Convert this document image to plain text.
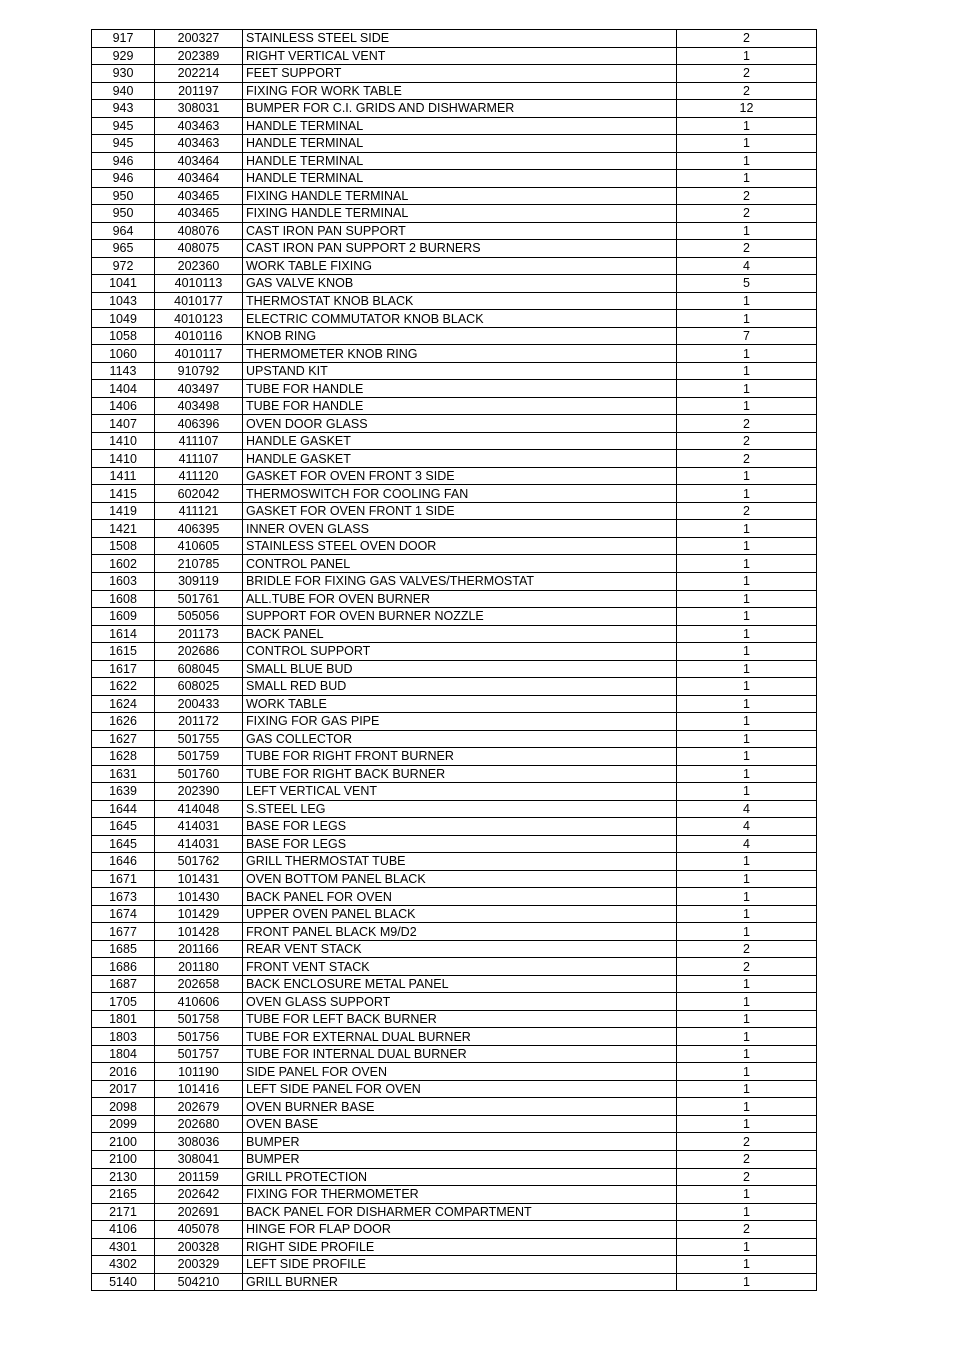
917	200327	STAINLESS STEEL SIDE	2
929	202389	RIGHT VERTICAL VENT	1
930	202214	FEET SUPPORT	2
940	201197	FIXING FOR WORK TABLE	2
943	308031	BUMPER FOR C.I. GRIDS AND DISHWARMER	12
945	403463	HANDLE TERMINAL	1
945	403463	HANDLE TERMINAL	1
946	403464	HANDLE TERMINAL	1
946	403464	HANDLE TERMINAL	1
950	403465	FIXING HANDLE TERMINAL	2
950	403465	FIXING HANDLE TERMINAL	2
964	408076	CAST IRON PAN SUPPORT	1
965	408075	CAST IRON PAN SUPPORT 2 BURNERS	2
972	202360	WORK TABLE FIXING	4
1041	4010113	GAS VALVE KNOB	5
1043	4010177	THERMOSTAT KNOB BLACK	1
1049	4010123	ELECTRIC COMMUTATOR KNOB BLACK	1
1058	4010116	KNOB RING	7
1060	4010117	THERMOMETER KNOB RING	1
1143	910792	UPSTAND KIT	1
1404	403497	TUBE FOR HANDLE	1
1406	403498	TUBE FOR HANDLE	1
1407	406396	OVEN DOOR GLASS	2
1410	411107	HANDLE GASKET	2
1410	411107	HANDLE GASKET	2
1411	411120	GASKET FOR OVEN FRONT 3 SIDE	1
1415	602042	THERMOSWITCH FOR COOLING FAN	1
1419	411121	GASKET FOR OVEN FRONT 1 SIDE	2
1421	406395	INNER OVEN GLASS	1
1508	410605	STAINLESS STEEL OVEN DOOR	1
1602	210785	CONTROL PANEL	1
1603	309119	BRIDLE FOR FIXING GAS VALVES/THERMOSTAT	1
1608	501761	ALL.TUBE FOR OVEN BURNER	1
1609	505056	SUPPORT FOR OVEN BURNER NOZZLE	1
1614	201173	BACK PANEL	1
1615	202686	CONTROL SUPPORT	1
1617	608045	SMALL BLUE BUD	1
1622	608025	SMALL RED BUD	1
1624	200433	WORK TABLE	1
1626	201172	FIXING FOR GAS PIPE	1
1627	501755	GAS COLLECTOR	1
1628	501759	TUBE FOR RIGHT FRONT BURNER	1
1631	501760	TUBE FOR RIGHT BACK BURNER	1
1639	202390	LEFT VERTICAL VENT	1
1644	414048	S.STEEL LEG	4
1645	414031	BASE FOR LEGS	4
1645	414031	BASE FOR LEGS	4
1646	501762	GRILL THERMOSTAT TUBE	1
1671	101431	OVEN BOTTOM PANEL BLACK	1
1673	101430	BACK PANEL FOR OVEN	1
1674	101429	UPPER OVEN PANEL BLACK	1
1677	101428	FRONT PANEL BLACK M9/D2	1
1685	201166	REAR VENT STACK	2
1686	201180	FRONT VENT STACK	2
1687	202658	BACK ENCLOSURE METAL PANEL	1
1705	410606	OVEN GLASS SUPPORT	1
1801	501758	TUBE FOR LEFT BACK BURNER	1
1803	501756	TUBE FOR EXTERNAL DUAL BURNER	1
1804	501757	TUBE FOR INTERNAL DUAL BURNER	1
2016	101190	SIDE PANEL FOR OVEN	1
2017	101416	LEFT SIDE PANEL FOR OVEN	1
2098	202679	OVEN BURNER BASE	1
2099	202680	OVEN BASE	1
2100	308036	BUMPER	2
2100	308041	BUMPER	2
2130	201159	GRILL PROTECTION	2
2165	202642	FIXING FOR THERMOMETER	1
2171	202691	BACK PANEL FOR DISHARMER COMPARTMENT	1
4106	405078	HINGE FOR FLAP DOOR	2
4301	200328	RIGHT SIDE PROFILE	1
4302	200329	LEFT SIDE PROFILE	1
5140	504210	GRILL BURNER	1
